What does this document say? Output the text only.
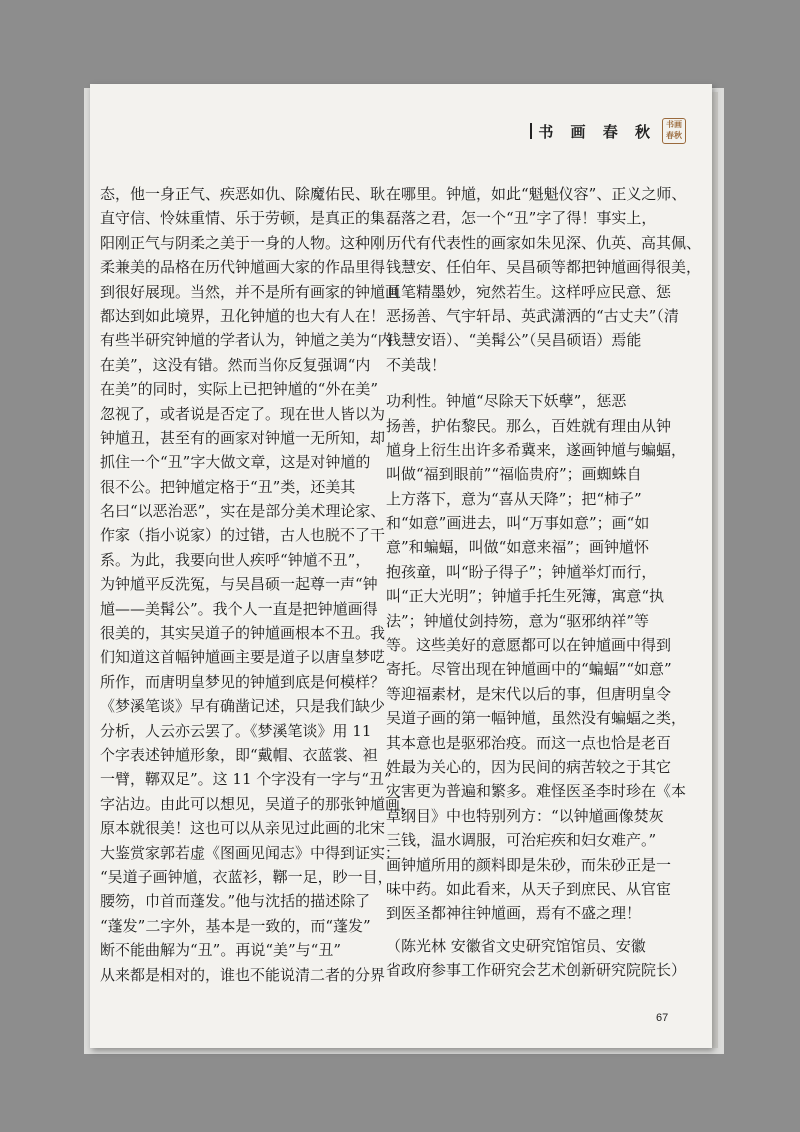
书 画 春 秋	书画
春秋
态，他一身正气、疾恶如仇、除魔佑民、耿
直守信、怜妹重情、乐于劳顿，是真正的集
阳刚正气与阴柔之美于一身的人物。这种刚
柔兼美的品格在历代钟馗画大家的作品里得
到很好展现。当然，并不是所有画家的钟馗画
都达到如此境界，丑化钟馗的也大有人在！
有些半研究钟馗的学者认为，钟馗之美为“内
在美”，这没有错。然而当你反复强调“内
在美”的同时，实际上已把钟馗的“外在美”
忽视了，或者说是否定了。现在世人皆以为
钟馗丑，甚至有的画家对钟馗一无所知，却
抓住一个“丑”字大做文章，这是对钟馗的
很不公。把钟馗定格于“丑”类，还美其
名曰“以恶治恶”，实在是部分美术理论家、
作家（指小说家）的过错，古人也脱不了干
系。为此，我要向世人疾呼“钟馗不丑”，
为钟馗平反洗冤，与吴昌硕一起尊一声“钟
馗——美髯公”。我个人一直是把钟馗画得
很美的，其实吴道子的钟馗画根本不丑。我
们知道这首幅钟馗画主要是道子以唐皇梦呓
所作，而唐明皇梦见的钟馗到底是何模样？
《梦溪笔谈》早有确凿记述，只是我们缺少
分析，人云亦云罢了。《梦溪笔谈》用 11
个字表述钟馗形象，即“戴帽、衣蓝裳、袒
一臂，鞹双足”。这 11 个字没有一字与“丑”
字沾边。由此可以想见，吴道子的那张钟馗画，
原本就很美！这也可以从亲见过此画的北宋
大鉴赏家郭若虚《图画见闻志》中得到证实：
“吴道子画钟馗，衣蓝衫，鞹一足，眇一目，
腰笏，巾首而蓬发。”他与沈括的描述除了
“蓬发”二字外，基本是一致的，而“蓬发”
断不能曲解为“丑”。再说“美”与“丑”
从来都是相对的，谁也不能说清二者的分界
在哪里。钟馗，如此“魁魁仪容”、正义之师、
磊落之君，怎一个“丑”字了得！事实上，
历代有代表性的画家如朱见深、仇英、高其佩、
钱慧安、任伯年、吴昌硕等都把钟馗画得很美，
且笔精墨妙，宛然若生。这样呼应民意、惩
恶扬善、气宇轩昂、英武潇洒的“古丈夫”（清
钱慧安语）、“美髯公”（吴昌硕语）焉能
不美哉！
功利性。钟馗“尽除天下妖孽”，惩恶
扬善，护佑黎民。那么，百姓就有理由从钟
馗身上衍生出许多希冀来，遂画钟馗与蝙蝠，
叫做“福到眼前”“福临贵府”；画蜘蛛自
上方落下，意为“喜从天降”；把“柿子”
和“如意”画进去，叫“万事如意”；画“如
意”和蝙蝠，叫做“如意来福”；画钟馗怀
抱孩童，叫“盼子得子”；钟馗举灯而行，
叫“正大光明”；钟馗手托生死簿，寓意“执
法”；钟馗仗剑持笏，意为“驱邪纳祥”等
等。这些美好的意愿都可以在钟馗画中得到
寄托。尽管出现在钟馗画中的“蝙蝠”“如意”
等迎福素材，是宋代以后的事，但唐明皇令
吴道子画的第一幅钟馗，虽然没有蝙蝠之类，
其本意也是驱邪治疫。而这一点也恰是老百
姓最为关心的，因为民间的病苦较之于其它
灾害更为普遍和繁多。难怪医圣李时珍在《本
草纲目》中也特别列方：“以钟馗画像焚灰
三钱，温水调服，可治疟疾和妇女难产。”
画钟馗所用的颜料即是朱砂，而朱砂正是一
味中药。如此看来，从天子到庶民、从官宦
到医圣都神往钟馗画，焉有不盛之理！
（陈光林 安徽省文史研究馆馆员、安徽
省政府参事工作研究会艺术创新研究院院长）
67
